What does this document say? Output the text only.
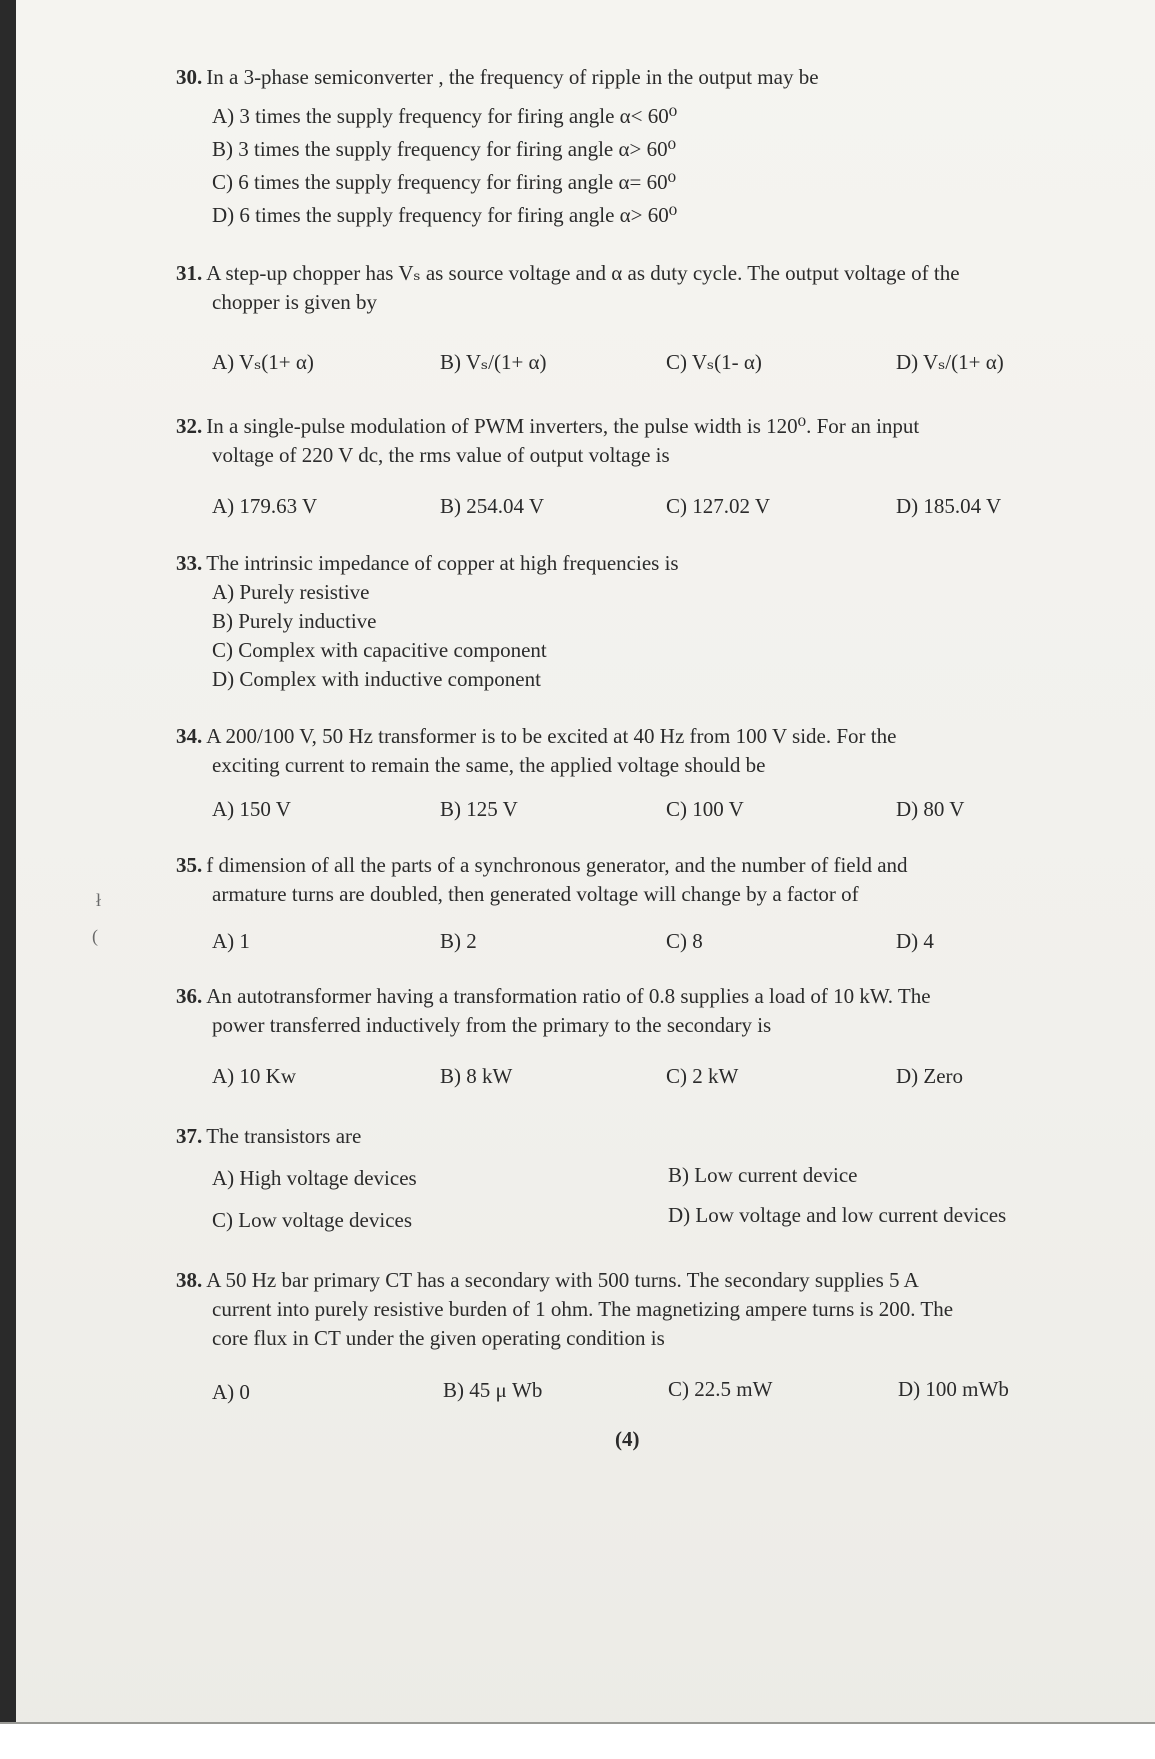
30. In a 3-phase semiconverter , the frequency of ripple in the output may be
A) 3 times the supply frequency for firing angle α< 60⁰
B) 3 times the supply frequency for firing angle α> 60⁰
C) 6 times the supply frequency for firing angle α= 60⁰
D) 6 times the supply frequency for firing angle α> 60⁰
31. A step-up chopper has Vₛ as source voltage and α as duty cycle. The output voltage of the
chopper is given by
A) Vₛ(1+ α)	B) Vₛ/(1+ α)	C) Vₛ(1- α)	D) Vₛ/(1+ α)
32. In a single-pulse modulation of PWM inverters, the pulse width is 120⁰. For an input
voltage of 220 V dc, the rms value of output voltage is
A) 179.63 V	B) 254.04 V	C) 127.02 V	D) 185.04 V
33. The intrinsic impedance of copper at high frequencies is
A) Purely resistive
B) Purely inductive
C) Complex with capacitive component
D) Complex with inductive component
34. A 200/100 V, 50 Hz transformer is to be excited at 40 Hz from 100 V side. For the
exciting current to remain the same, the applied voltage should be
A) 150 V	B) 125 V	C) 100 V	D) 80 V
35. f dimension of all the parts of a synchronous generator, and the number of field and
armature turns are doubled, then generated voltage will change by a factor of
A) 1	B) 2	C) 8	D) 4
36. An autotransformer having a transformation ratio of 0.8 supplies a load of 10 kW. The
power transferred inductively from the primary to the secondary is
A) 10 Kw	B) 8 kW	C) 2 kW	D) Zero
37. The transistors are
A) High voltage devices	B) Low current device
C) Low voltage devices	D) Low voltage and low current devices
38. A 50 Hz bar primary CT has a secondary with 500 turns. The secondary supplies 5 A
current into purely resistive burden of 1 ohm. The magnetizing ampere turns is 200. The
core flux in CT under the given operating condition is
A) 0	B) 45 μ Wb	C) 22.5 mW	D) 100 mWb
(4)
ł
(
